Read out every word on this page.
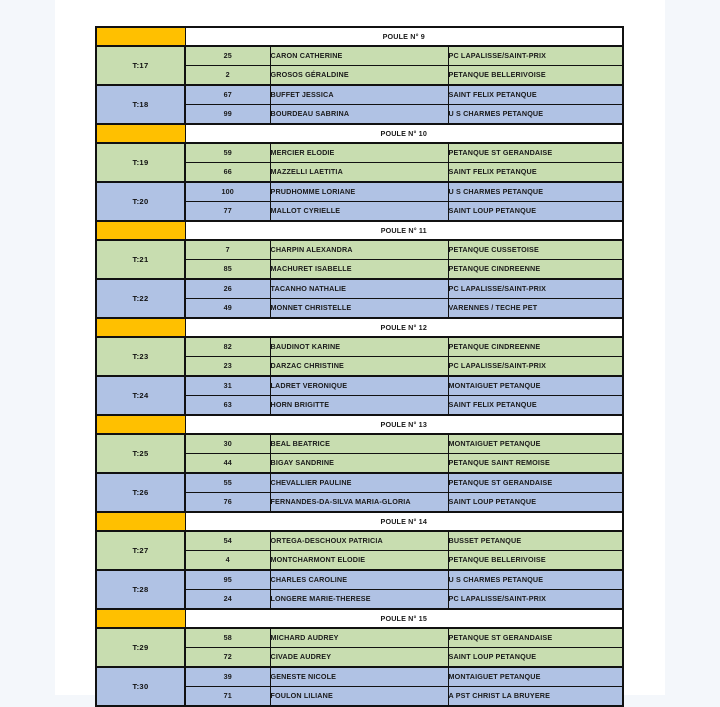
	POULE N° 9		
T:17	25	CARON CATHERINE	PC LAPALISSE/SAINT-PRIX
	2	GROSOS GÉRALDINE	PETANQUE BELLERIVOISE
T:18	67	BUFFET JESSICA	SAINT FELIX PETANQUE
	99	BOURDEAU SABRINA	U S CHARMES PETANQUE
	POULE N° 10		
T:19	59	MERCIER ELODIE	PETANQUE ST GERANDAISE
	66	MAZZELLI LAETITIA	SAINT FELIX PETANQUE
T:20	100	PRUDHOMME LORIANE	U S CHARMES PETANQUE
	77	MALLOT CYRIELLE	SAINT LOUP PETANQUE
	POULE N° 11		
T:21	7	CHARPIN ALEXANDRA	PETANQUE CUSSETOISE
	85	MACHURET ISABELLE	PETANQUE CINDREENNE
T:22	26	TACANHO NATHALIE	PC LAPALISSE/SAINT-PRIX
	49	MONNET CHRISTELLE	VARENNES / TECHE PET
	POULE N° 12		
T:23	82	BAUDINOT KARINE	PETANQUE CINDREENNE
	23	DARZAC CHRISTINE	PC LAPALISSE/SAINT-PRIX
T:24	31	LADRET VERONIQUE	MONTAIGUET PETANQUE
	63	HORN BRIGITTE	SAINT FELIX PETANQUE
	POULE N° 13		
T:25	30	BEAL BEATRICE	MONTAIGUET PETANQUE
	44	BIGAY SANDRINE	PETANQUE SAINT REMOISE
T:26	55	CHEVALLIER PAULINE	PETANQUE ST GERANDAISE
	76	FERNANDES-DA-SILVA MARIA-GLORIA	SAINT LOUP PETANQUE
	POULE N° 14		
T:27	54	ORTEGA-DESCHOUX PATRICIA	BUSSET PETANQUE
	4	MONTCHARMONT ELODIE	PETANQUE BELLERIVOISE
T:28	95	CHARLES CAROLINE	U S CHARMES PETANQUE
	24	LONGERE MARIE-THERESE	PC LAPALISSE/SAINT-PRIX
	POULE N° 15		
T:29	58	MICHARD AUDREY	PETANQUE ST GERANDAISE
	72	CIVADE AUDREY	SAINT LOUP PETANQUE
T:30	39	GENESTE NICOLE	MONTAIGUET PETANQUE
	71	FOULON LILIANE	A PST CHRIST LA BRUYERE
